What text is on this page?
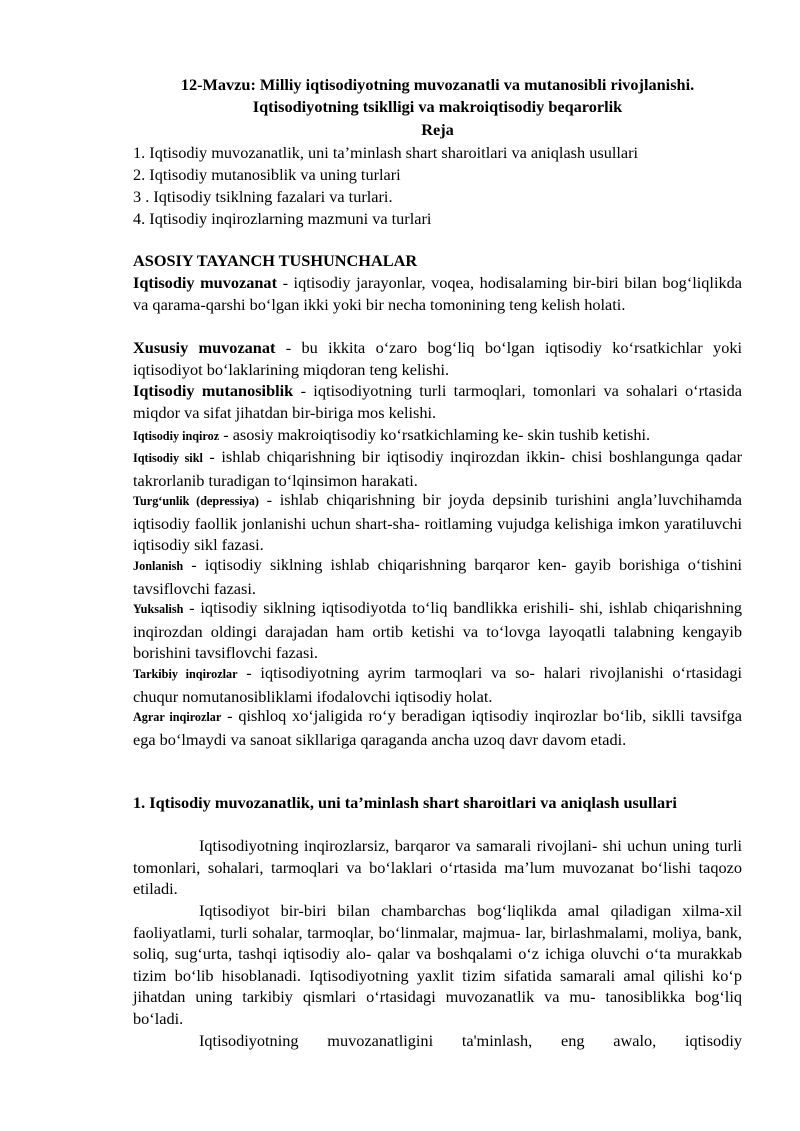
12-Mavzu: Milliy iqtisodiyotning muvozanatli va mutanosibli rivojlanishi.
Iqtisodiyotning tsiklligi va makroiqtisodiy beqarorlik
Reja
1. Iqtisodiy muvozanatlik, uni ta’minlash shart sharoitlari va aniqlash usullari
2. Iqtisodiy mutanosiblik va uning turlari
3 . Iqtisodiy tsiklning fazalari va turlari.
4. Iqtisodiy inqirozlarning mazmuni va turlari
ASOSIY TAYANCH TUSHUNCHALAR
Iqtisodiy muvozanat - iqtisodiy jarayonlar, voqea, hodisalaming bir-biri bilan bog‘liqlikda va qarama-qarshi bo‘lgan ikki yoki bir necha tomonining teng kelish holati.
Xususiy muvozanat - bu ikkita o‘zaro bog‘liq bo‘lgan iqtisodiy ko‘rsatkichlar yoki iqtisodiyot bo‘laklarining miqdoran teng kelishi.
Iqtisodiy mutanosiblik - iqtisodiyotning turli tarmoqlari, tomonlari va sohalari o‘rtasida miqdor va sifat jihatdan bir-biriga mos kelishi.
Iqtisodiy inqiroz - asosiy makroiqtisodiy ko‘rsatkichlaming ke- skin tushib ketishi.
Iqtisodiy sikl - ishlab chiqarishning bir iqtisodiy inqirozdan ikkin- chisi boshlangunga qadar takrorlanib turadigan to‘lqinsimon harakati.
Turg‘unlik (depressiya) - ishlab chiqarishning bir joyda depsinib turishini angla’luvchihamda iqtisodiy faollik jonlanishi uchun shart-sha- roitlaming vujudga kelishiga imkon yaratiluvchi iqtisodiy sikl fazasi.
Jonlanish - iqtisodiy siklning ishlab chiqarishning barqaror ken- gayib borishiga o‘tishini tavsiflovchi fazasi.
Yuksalish - iqtisodiy siklning iqtisodiyotda to‘liq bandlikka erishili- shi, ishlab chiqarishning inqirozdan oldingi darajadan ham ortib ketishi va to‘lovga layoqatli talabning kengayib borishini tavsiflovchi fazasi.
Tarkibiy inqirozlar - iqtisodiyotning ayrim tarmoqlari va so- halari rivojlanishi o‘rtasidagi chuqur nomutanosibliklami ifodalovchi iqtisodiy holat.
Agrar inqirozlar - qishloq xo‘jaligida ro‘y beradigan iqtisodiy inqirozlar bo‘lib, siklli tavsifga ega bo‘lmaydi va sanoat sikllariga qaraganda ancha uzoq davr davom etadi.
1. Iqtisodiy muvozanatlik, uni ta’minlash shart sharoitlari va aniqlash usullari
Iqtisodiyotning inqirozlarsiz, barqaror va samarali rivojlani- shi uchun uning turli tomonlari, sohalari, tarmoqlari va bo‘laklari o‘rtasida ma’lum muvozanat bo‘lishi taqozo etiladi.
Iqtisodiyot bir-biri bilan chambarchas bog‘liqlikda amal qiladigan xilma-xil faoliyatlami, turli sohalar, tarmoqlar, bo‘linmalar, majmua- lar, birlashmalami, moliya, bank, soliq, sug‘urta, tashqi iqtisodiy alo- qalar va boshqalami o‘z ichiga oluvchi o‘ta murakkab tizim bo‘lib hisoblanadi. Iqtisodiyotning yaxlit tizim sifatida samarali amal qilishi ko‘p jihatdan uning tarkibiy qismlari o‘rtasidagi muvozanatlik va mu- tanosiblikka bog‘liq bo‘ladi.
Iqtisodiyotning muvozanatligini ta'minlash, eng awalo, iqtisodiy
